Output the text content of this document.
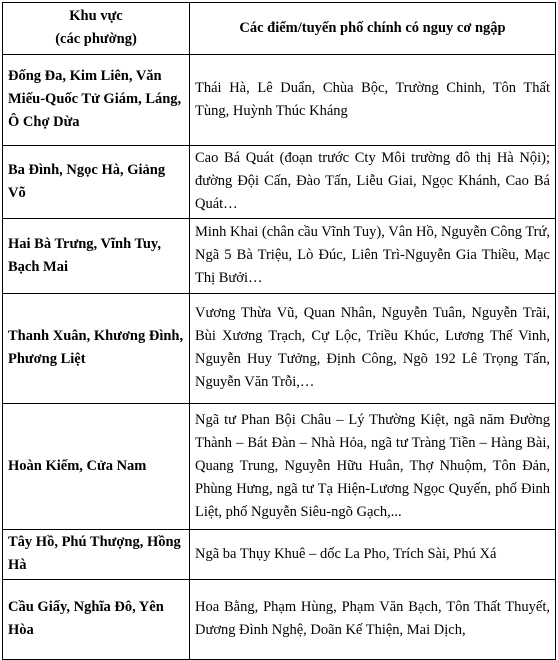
Khu vực
(các phường)	Các điểm/tuyến phố chính có nguy cơ ngập
Đống Đa, Kim Liên, Văn Miếu-Quốc Tử Giám, Láng, Ô Chợ Dừa	Thái Hà, Lê Duẩn, Chùa Bộc, Trường Chinh, Tôn Thất Tùng, Huỳnh Thúc Kháng
Ba Đình, Ngọc Hà, Giảng Võ	Cao Bá Quát (đoạn trước Cty Môi trường đô thị Hà Nội); đường Đội Cấn, Đào Tấn, Liễu Giai, Ngọc Khánh, Cao Bá Quát…
Hai Bà Trưng, Vĩnh Tuy, Bạch Mai	Minh Khai (chân cầu Vĩnh Tuy), Vân Hồ, Nguyễn Công Trứ, Ngã 5 Bà Triệu, Lò Đúc, Liên Trì-Nguyễn Gia Thiều, Mạc Thị Bưởi…
Thanh Xuân, Khương Đình, Phương Liệt	Vương Thừa Vũ, Quan Nhân, Nguyễn Tuân, Nguyễn Trãi, Bùi Xương Trạch, Cự Lộc, Triều Khúc, Lương Thế Vinh, Nguyễn Huy Tưởng, Định Công, Ngõ 192 Lê Trọng Tấn, Nguyễn Văn Trỗi,…
Hoàn Kiếm, Cửa Nam	Ngã tư Phan Bội Châu – Lý Thường Kiệt, ngã năm Đường Thành – Bát Đàn – Nhà Hỏa, ngã tư Tràng Tiền – Hàng Bài, Quang Trung, Nguyễn Hữu Huân, Thợ Nhuộm, Tôn Đản, Phùng Hưng, ngã tư Tạ Hiện-Lương Ngọc Quyến, phố Đinh Liệt, phố Nguyễn Siêu-ngõ Gạch,...
Tây Hồ, Phú Thượng, Hồng Hà	Ngã ba Thụy Khuê – dốc La Pho, Trích Sài, Phú Xá
Cầu Giấy, Nghĩa Đô, Yên Hòa	Hoa Bằng, Phạm Hùng, Phạm Văn Bạch, Tôn Thất Thuyết, Dương Đình Nghệ, Doãn Kế Thiện, Mai Dịch,
